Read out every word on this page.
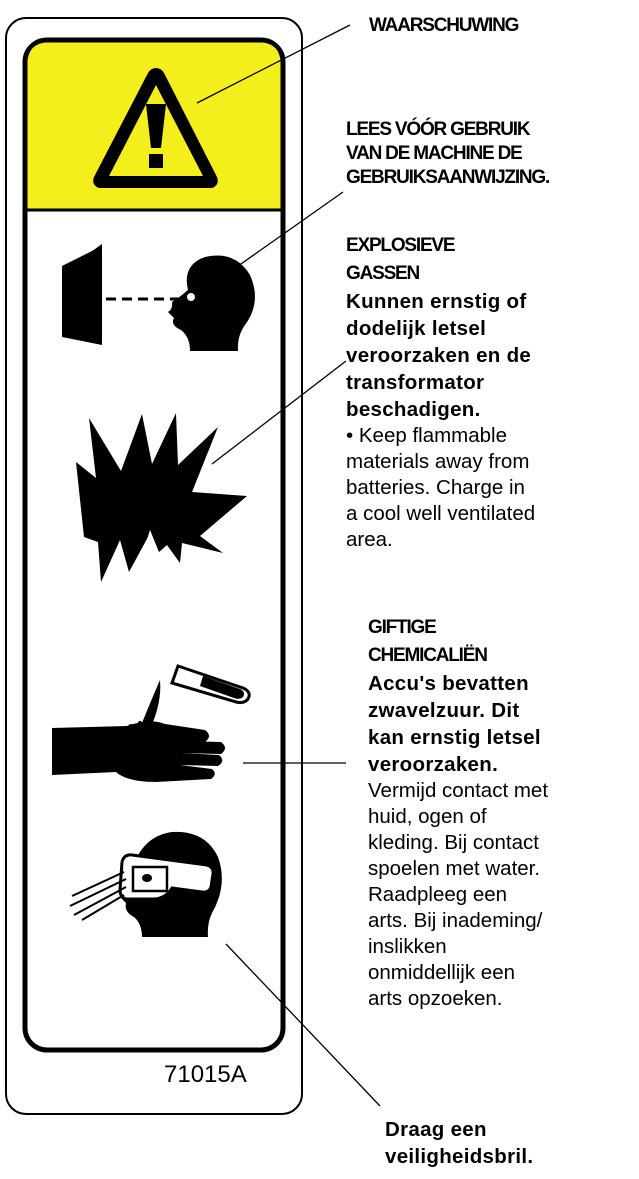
WAARSCHUWING
LEES VÓÓR GEBRUIK
VAN DE MACHINE DE
GEBRUIKSAANWIJZING.
EXPLOSIEVE
GASSEN
Kunnen ernstig of
dodelijk letsel
veroorzaken en de
transformator
beschadigen.
• Keep flammable
materials away from
batteries. Charge in
a cool well ventilated
area.
GIFTIGE
CHEMICALIËN
Accu's bevatten
zwavelzuur. Dit
kan ernstig letsel
veroorzaken.
Vermijd contact met
huid, ogen of
kleding. Bij contact
spoelen met water.
Raadpleeg een
arts. Bij inademing/
inslikken
onmiddellijk een
arts opzoeken.
Draag een
veiligheidsbril.
71015A
